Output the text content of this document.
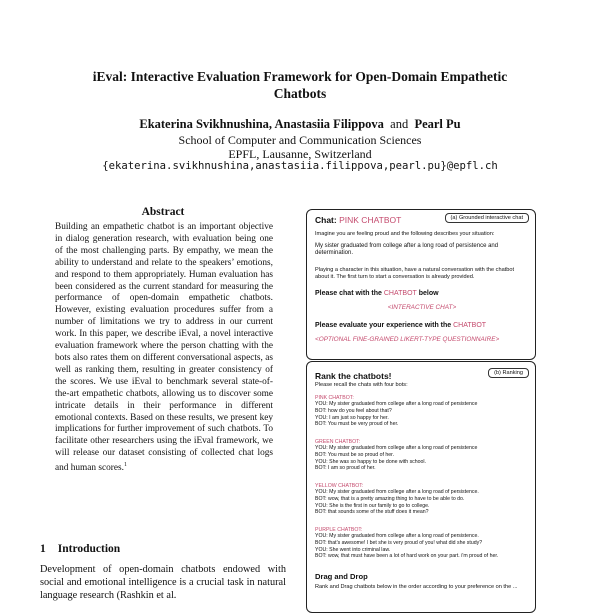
iEval: Interactive Evaluation Framework for Open-Domain Empathetic
Chatbots
Ekaterina Svikhnushina, Anastasiia Filippova and Pearl Pu
School of Computer and Communication Sciences
EPFL, Lausanne, Switzerland
{ekaterina.svikhnushina,anastasiia.filippova,pearl.pu}@epfl.ch
Abstract
Building an empathetic chatbot is an important objective in dialog generation research, with evaluation being one of the most challenging parts. By empathy, we mean the ability to understand and relate to the speakers’ emotions, and respond to them appropriately. Human evaluation has been considered as the current standard for measuring the performance of open-domain empathetic chatbots. However, existing evaluation procedures suffer from a number of limitations we try to address in our current work. In this paper, we describe iEval, a novel interactive evaluation framework where the person chatting with the bots also rates them on different conversational aspects, as well as ranking them, resulting in greater consistency of the scores. We use iEval to benchmark several state-of-the-art empathetic chatbots, allowing us to discover some intricate details in their performance in different emotional contexts. Based on these results, we present key implications for further improvement of such chatbots. To facilitate other researchers using the iEval framework, we will release our dataset consisting of collected chat logs and human scores.$^1$
1 Introduction
Development of open-domain chatbots endowed with social and emotional intelligence is a crucial task in natural language research (Rashkin et al.
(a) Grounded interactive chat
Chat: PINK CHATBOT
Imagine you are feeling proud and the following describes your situation:
My sister graduated from college after a long road of persistence and determination.
Playing a character in this situation, have a natural conversation with the chatbot about it. The first turn to start a conversation is already provided.
Please chat with the CHATBOT below
<INTERACTIVE CHAT>
Please evaluate your experience with the CHATBOT
<OPTIONAL FINE-GRAINED LIKERT-TYPE QUESTIONNAIRE>
(b) Ranking
Rank the chatbots!
Please recall the chats with four bots:
PINK CHATBOT:
YOU: My sister graduated from college after a long road of persistence
BOT: how do you feel about that?
YOU: I am just so happy for her.
BOT: You must be very proud of her.
GREEN CHATBOT:
YOU: My sister graduated from college after a long road of persistence
BOT: You must be so proud of her.
YOU: She was so happy to be done with school.
BOT: I am so proud of her.
YELLOW CHATBOT:
YOU: My sister graduated from college after a long road of persistence.
BOT: wow, that is a pretty amazing thing to have to be able to do.
YOU: She is the first in our family to go to college.
BOT: that sounds some of the stuff does it mean?
PURPLE CHATBOT:
YOU: My sister graduated from college after a long road of persistence.
BOT: that's awesome! I bet she is very proud of you! what did she study?
YOU: She went into criminal law.
BOT: wow, that must have been a lot of hard work on your part. i'm proud of her.
Drag and Drop
Rank and Drag chatbots below in the order according to your preference on the ...
